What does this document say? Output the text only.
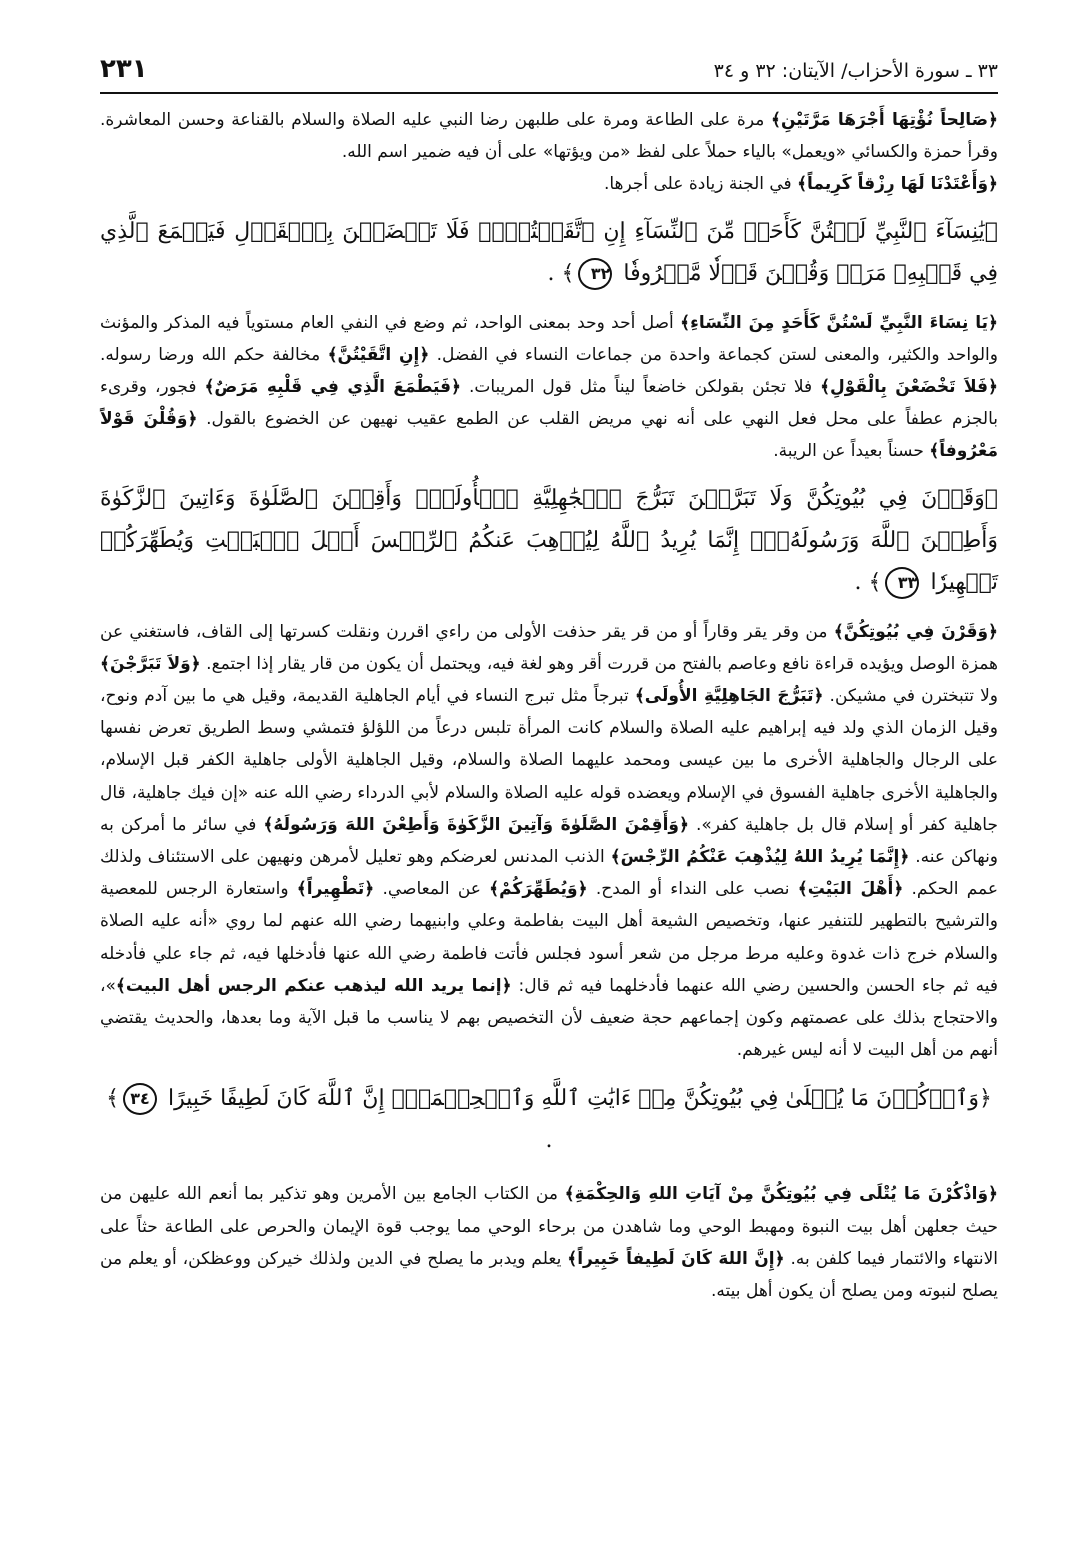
٣٣ ـ سورة الأحزاب/ الآيتان: ٣٢ و ٣٤
٢٣١

﴿صَالِحاً نُؤْتِهَا أَجْرَهَا مَرَّتَيْنِ﴾ مرة على الطاعة ومرة على طلبهن رضا النبي عليه الصلاة والسلام بالقناعة وحسن المعاشرة. وقرأ حمزة والكسائي «ويعمل» بالياء حملاً على لفظ «من ويؤتها» على أن فيه ضمير اسم الله.

﴿وَأَعْتَدْنَا لَهَا رِزْقاً كَرِيماً﴾ في الجنة زيادة على أجرها.

﴿يَٰنِسَآءَ ٱلنَّبِيِّ لَسۡتُنَّ كَأَحَدٖ مِّنَ ٱلنِّسَآءِ إِنِ ٱتَّقَيۡتُنَّۚ فَلَا تَخۡضَعۡنَ بِٱلۡقَوۡلِ فَيَطۡمَعَ ٱلَّذِي فِي قَلۡبِهِۦ مَرَضٞ وَقُلۡنَ قَوۡلٗا مَّعۡرُوفٗا ٣٢﴾ .

﴿يَا نِسَاءَ النَّبِيِّ لَسْتُنَّ كَأَحَدٍ مِنَ النِّسَاءِ﴾ أصل أحد وحد بمعنى الواحد، ثم وضع في النفي العام مستوياً فيه المذكر والمؤنث والواحد والكثير، والمعنى لستن كجماعة واحدة من جماعات النساء في الفضل. ﴿إِنِ اتَّقَيْتُنَّ﴾ مخالفة حكم الله ورضا رسوله. ﴿فَلاَ تَخْضَعْنَ بِالْقَوْلِ﴾ فلا تجئن بقولكن خاضعاً ليناً مثل قول المريبات. ﴿فَيَطْمَعَ الَّذِي فِي قَلْبِهِ مَرَضٌ﴾ فجور، وقرىء بالجزم عطفاً على محل فعل النهي على أنه نهي مريض القلب عن الطمع عقيب نهيهن عن الخضوع بالقول. ﴿وَقُلْنَ قَوْلاً مَعْرُوفاً﴾ حسناً بعيداً عن الريبة.

﴿وَقَرۡنَ فِي بُيُوتِكُنَّ وَلَا تَبَرَّجۡنَ تَبَرُّجَ ٱلۡجَٰهِلِيَّةِ ٱلۡأُولَىٰۖ وَأَقِمۡنَ ٱلصَّلَوٰةَ وَءَاتِينَ ٱلزَّكَوٰةَ وَأَطِعۡنَ ٱللَّهَ وَرَسُولَهُۥٓۚ إِنَّمَا يُرِيدُ ٱللَّهُ لِيُذۡهِبَ عَنكُمُ ٱلرِّجۡسَ أَهۡلَ ٱلۡبَيۡتِ وَيُطَهِّرَكُمۡ تَطۡهِيرٗا ٣٣﴾ .

﴿وَقَرْنَ فِي بُيُوتِكُنَّ﴾ من وقر يقر وقاراً أو من قر يقر حذفت الأولى من راءي اقررن ونقلت كسرتها إلى القاف، فاستغني عن همزة الوصل ويؤيده قراءة نافع وعاصم بالفتح من قررت أقر وهو لغة فيه، ويحتمل أن يكون من قار يقار إذا اجتمع. ﴿وَلاَ تَبَرَّجْنَ﴾ ولا تتبخترن في مشيكن. ﴿تَبَرُّجَ الجَاهِلِيَّةِ الأُولَى﴾ تبرجاً مثل تبرج النساء في أيام الجاهلية القديمة، وقيل هي ما بين آدم ونوح، وقيل الزمان الذي ولد فيه إبراهيم عليه الصلاة والسلام كانت المرأة تلبس درعاً من اللؤلؤ فتمشي وسط الطريق تعرض نفسها على الرجال والجاهلية الأخرى ما بين عيسى ومحمد عليهما الصلاة والسلام، وقيل الجاهلية الأولى جاهلية الكفر قبل الإسلام، والجاهلية الأخرى جاهلية الفسوق في الإسلام ويعضده قوله عليه الصلاة والسلام لأبي الدرداء رضي الله عنه «إن فيك جاهلية، قال جاهلية كفر أو إسلام قال بل جاهلية كفر». ﴿وَأَقِمْنَ الصَّلَوٰةَ وَآتِينَ الزَّكَوٰةَ وَأَطِعْنَ اللهَ وَرَسُولَهُ﴾ في سائر ما أمركن به ونهاكن عنه. ﴿إِنَّمَا يُرِيدُ اللهُ لِيُذْهِبَ عَنْكُمُ الرِّجْسَ﴾ الذنب المدنس لعرضكم وهو تعليل لأمرهن ونهيهن على الاستئناف ولذلك عمم الحكم. ﴿أَهْلَ البَيْتِ﴾ نصب على النداء أو المدح. ﴿وَيُطَهِّرَكُمْ﴾ عن المعاصي. ﴿تَطْهِيراً﴾ واستعارة الرجس للمعصية والترشيح بالتطهير للتنفير عنها، وتخصيص الشيعة أهل البيت بفاطمة وعلي وابنيهما رضي الله عنهم لما روي «أنه عليه الصلاة والسلام خرج ذات غدوة وعليه مرط مرجل من شعر أسود فجلس فأتت فاطمة رضي الله عنها فأدخلها فيه، ثم جاء علي فأدخله فيه ثم جاء الحسن والحسين رضي الله عنهما فأدخلهما فيه ثم قال: ﴿إنما يريد الله ليذهب عنكم الرجس أهل البيت﴾»، والاحتجاج بذلك على عصمتهم وكون إجماعهم حجة ضعيف لأن التخصيص بهم لا يناسب ما قبل الآية وما بعدها، والحديث يقتضي أنهم من أهل البيت لا أنه ليس غيرهم.

﴿وَٱذۡكُرۡنَ مَا يُتۡلَىٰ فِي بُيُوتِكُنَّ مِنۡ ءَايَٰتِ ٱللَّهِ وَٱلۡحِكۡمَةِۚ إِنَّ ٱللَّهَ كَانَ لَطِيفًا خَبِيرًا ٣٤﴾ .

﴿وَاذْكُرْنَ مَا يُتْلَى فِي بُيُوتِكُنَّ مِنْ آيَاتِ اللهِ وَالحِكْمَةِ﴾ من الكتاب الجامع بين الأمرين وهو تذكير بما أنعم الله عليهن من حيث جعلهن أهل بيت النبوة ومهبط الوحي وما شاهدن من برحاء الوحي مما يوجب قوة الإيمان والحرص على الطاعة حثاً على الانتهاء والائتمار فيما كلفن به. ﴿إِنَّ اللهَ كَانَ لَطِيفاً خَبِيراً﴾ يعلم ويدبر ما يصلح في الدين ولذلك خيركن ووعظكن، أو يعلم من يصلح لنبوته ومن يصلح أن يكون أهل بيته.
